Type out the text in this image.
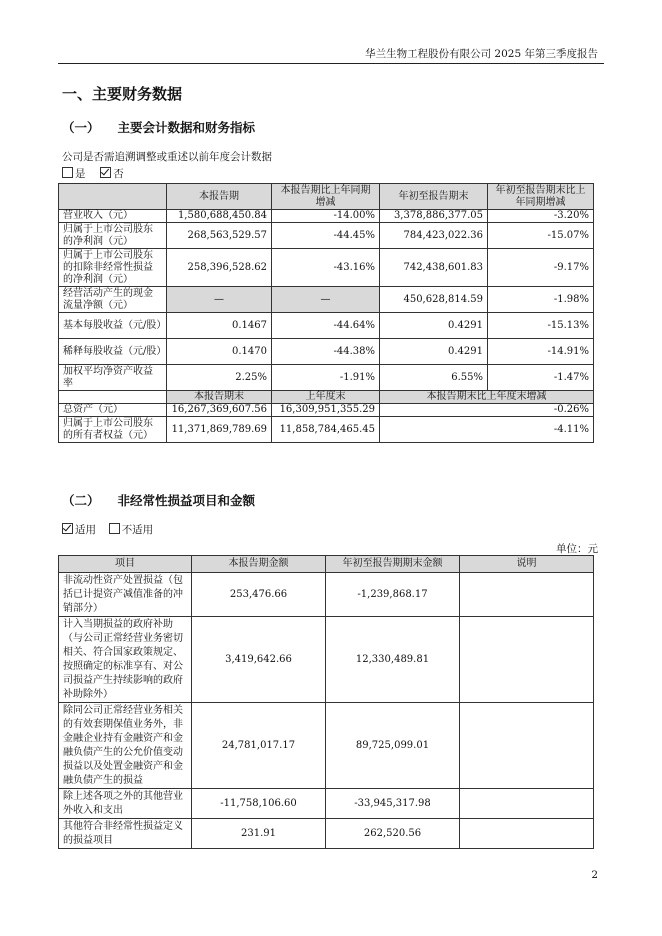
华兰生物工程股份有限公司 2025 年第三季度报告
一、主要财务数据
（一） 主要会计数据和财务指标
公司是否需追溯调整或重述以前年度会计数据
是	否
	本报告期	本报告期比上年同期增减	年初至报告期末	年初至报告期末比上年同期增减
营业收入（元）	1,580,688,450.84	-14.00%	3,378,886,377.05	-3.20%
归属于上市公司股东的净利润（元）	268,563,529.57	-44.45%	784,423,022.36	-15.07%
归属于上市公司股东的扣除非经常性损益的净利润（元）	258,396,528.62	-43.16%	742,438,601.83	-9.17%
经营活动产生的现金流量净额（元）	—	—	450,628,814.59	-1.98%
基本每股收益（元/股）	0.1467	-44.64%	0.4291	-15.13%
稀释每股收益（元/股）	0.1470	-44.38%	0.4291	-14.91%
加权平均净资产收益率	2.25%	-1.91%	6.55%	-1.47%
	本报告期末	上年度末	本报告期末比上年度末增减	
总资产（元）	16,267,369,607.56	16,309,951,355.29	-0.26%	
归属于上市公司股东的所有者权益（元）	11,371,869,789.69	11,858,784,465.45	-4.11%	
（二） 非经常性损益项目和金额
适用 不适用
单位：元
项目	本报告期金额	年初至报告期期末金额	说明
非流动性资产处置损益（包括已计提资产减值准备的冲销部分）	253,476.66	-1,239,868.17	
计入当期损益的政府补助（与公司正常经营业务密切相关、符合国家政策规定、按照确定的标准享有、对公司损益产生持续影响的政府补助除外）	3,419,642.66	12,330,489.81	
除同公司正常经营业务相关的有效套期保值业务外，非金融企业持有金融资产和金融负债产生的公允价值变动损益以及处置金融资产和金融负债产生的损益	24,781,017.17	89,725,099.01	
除上述各项之外的其他营业外收入和支出	-11,758,106.60	-33,945,317.98	
其他符合非经常性损益定义的损益项目	231.91	262,520.56	
2
